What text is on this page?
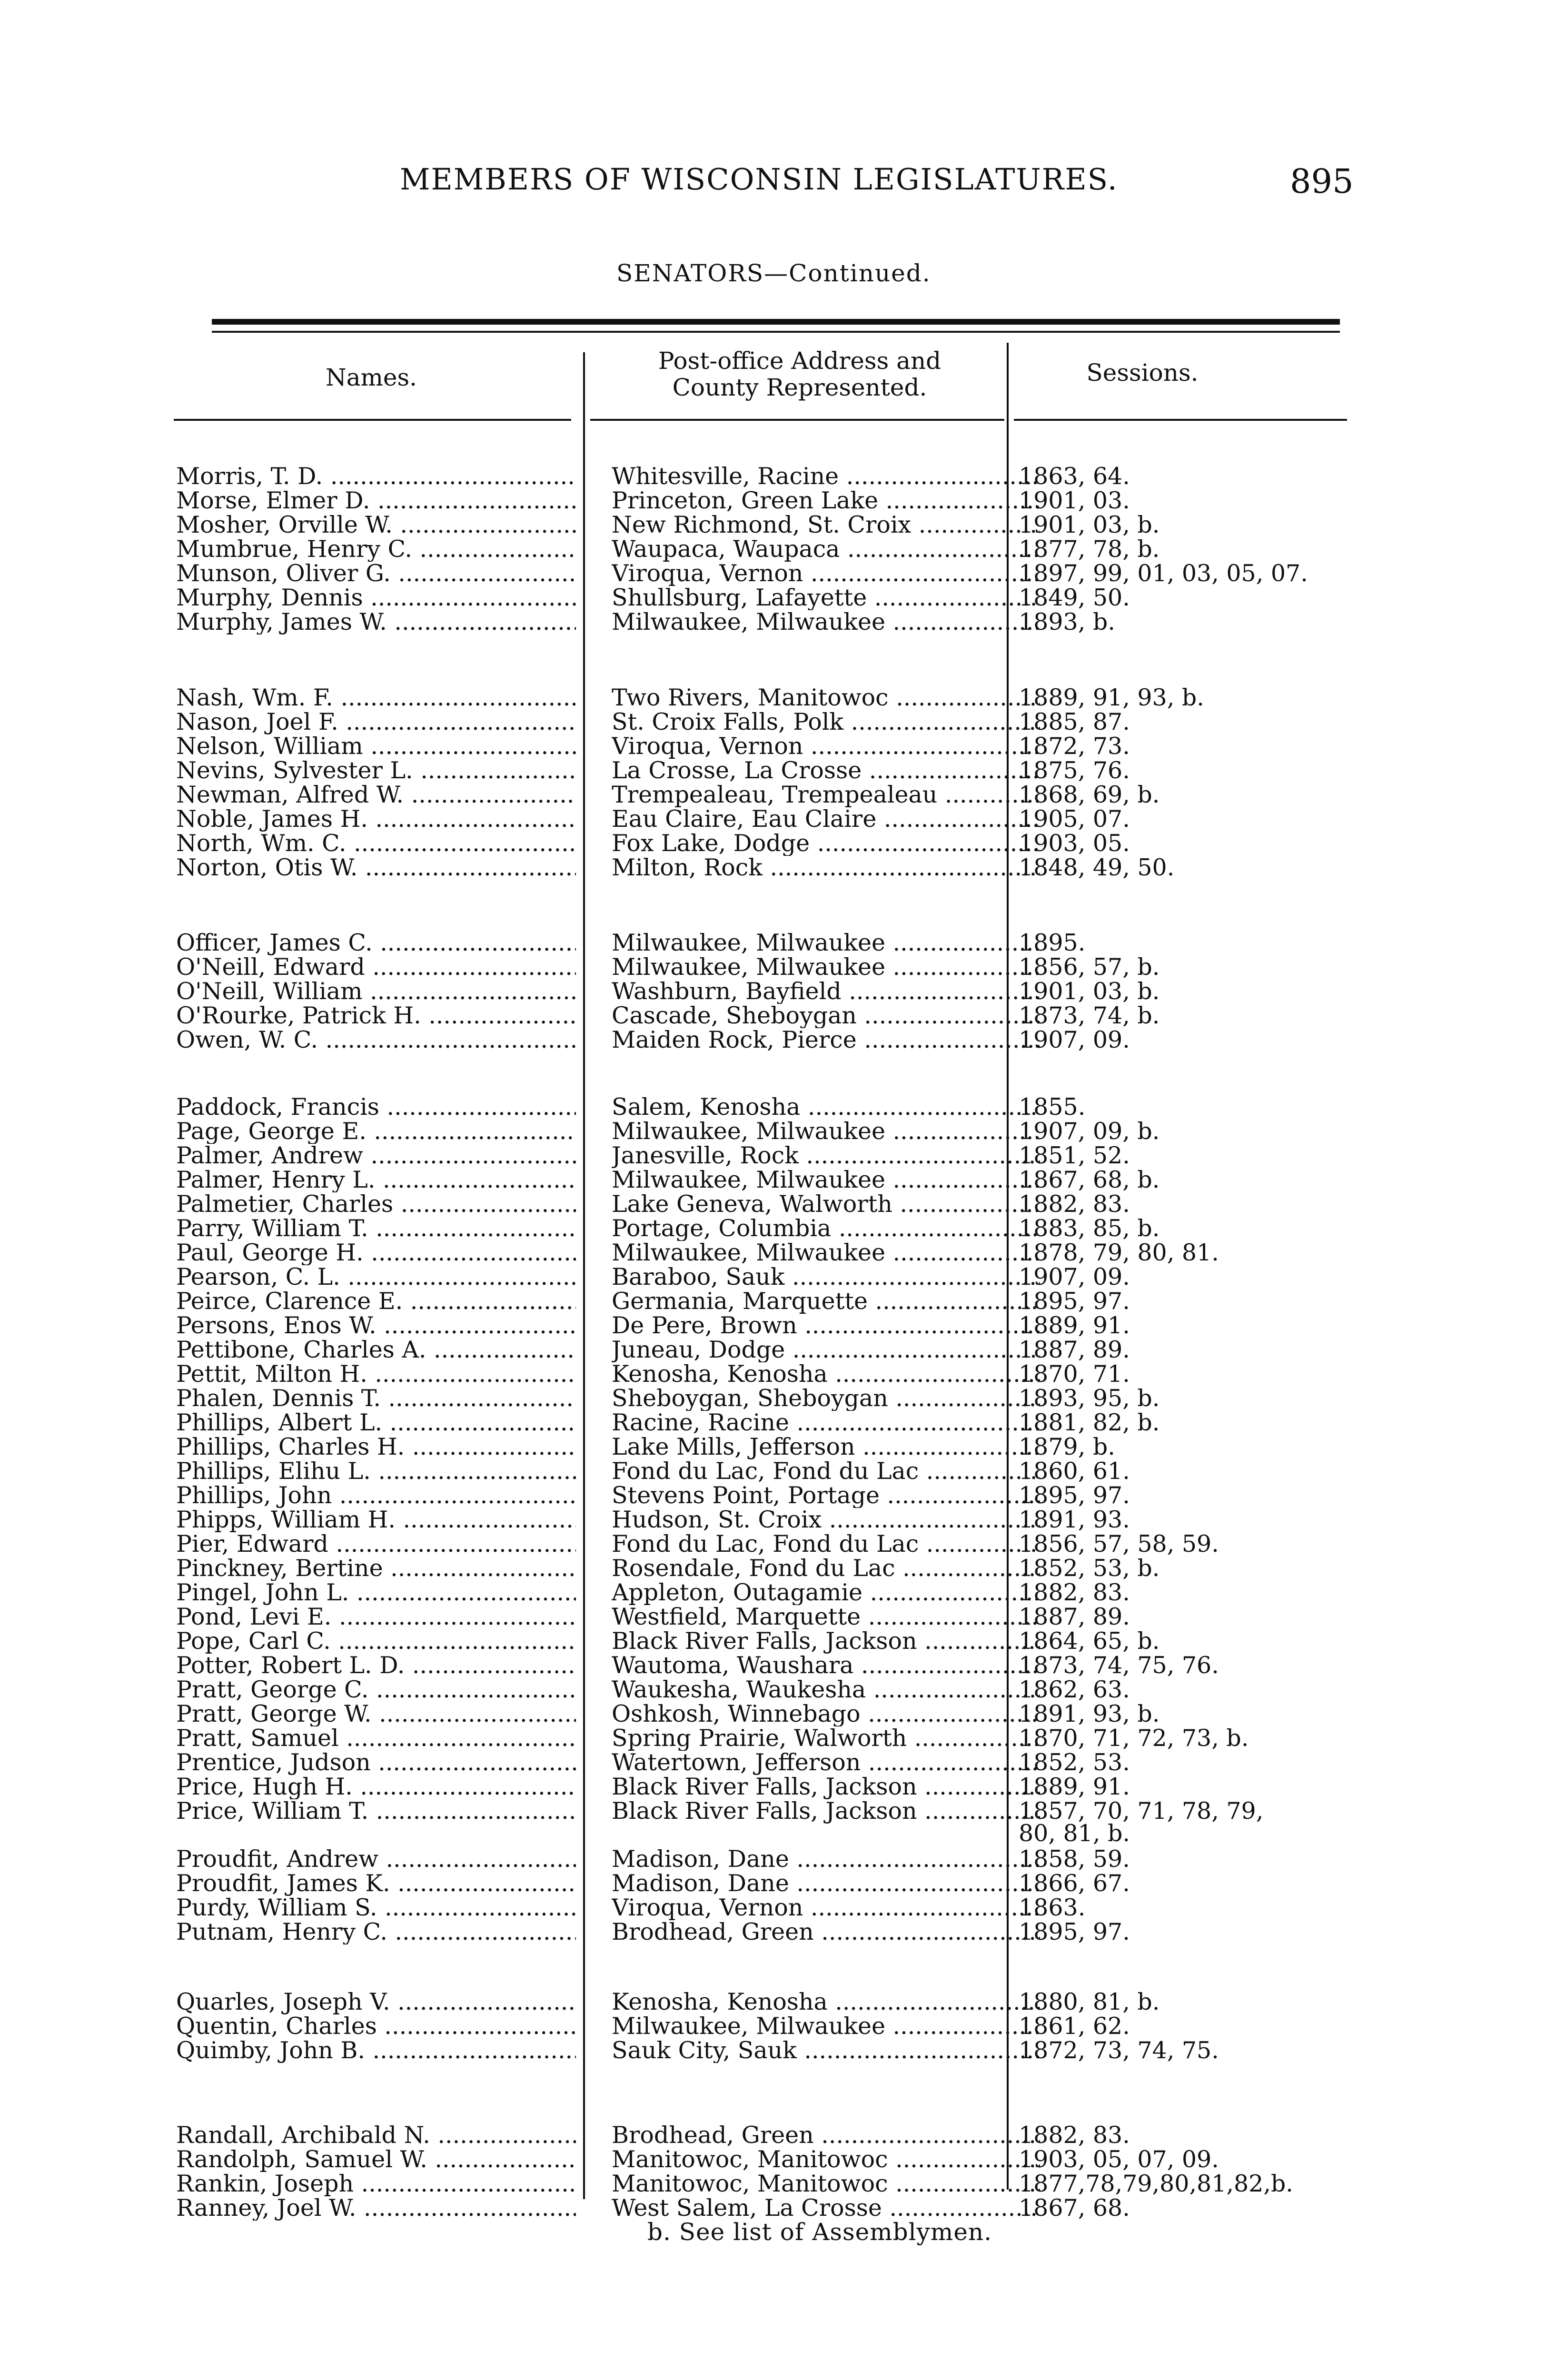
MEMBERS OF WISCONSIN LEGISLATURES.	895
SENATORS—Continued.
Names.
Post-office Address and
County Represented.
Sessions.
Morris, T. D. .....	Whitesville, Racine .....	1863, 64.
Morse, Elmer D. .....	Princeton, Green Lake .....	1901, 03.
Mosher, Orville W. .....	New Richmond, St. Croix .....	1901, 03, b.
Mumbrue, Henry C. .....	Waupaca, Waupaca .....	1877, 78, b.
Munson, Oliver G. .....	Viroqua, Vernon .....	1897, 99, 01, 03, 05, 07.
Murphy, Dennis .....	Shullsburg, Lafayette .....	1849, 50.
Murphy, James W. .....	Milwaukee, Milwaukee .....	1893, b.
Nash, Wm. F. .....	Two Rivers, Manitowoc .....	1889, 91, 93, b.
Nason, Joel F. .....	St. Croix Falls, Polk .....	1885, 87.
Nelson, William .....	Viroqua, Vernon .....	1872, 73.
Nevins, Sylvester L. .....	La Crosse, La Crosse .....	1875, 76.
Newman, Alfred W. .....	Trempealeau, Trempealeau .....	1868, 69, b.
Noble, James H. .....	Eau Claire, Eau Claire .....	1905, 07.
North, Wm. C. .....	Fox Lake, Dodge .....	1903, 05.
Norton, Otis W. .....	Milton, Rock .....	1848, 49, 50.
Officer, James C. .....	Milwaukee, Milwaukee .....	1895.
O'Neill, Edward .....	Milwaukee, Milwaukee .....	1856, 57, b.
O'Neill, William .....	Washburn, Bayfield .....	1901, 03, b.
O'Rourke, Patrick H. .....	Cascade, Sheboygan .....	1873, 74, b.
Owen, W. C. .....	Maiden Rock, Pierce .....	1907, 09.
Paddock, Francis .....	Salem, Kenosha .....	1855.
Page, George E. .....	Milwaukee, Milwaukee .....	1907, 09, b.
Palmer, Andrew .....	Janesville, Rock .....	1851, 52.
Palmer, Henry L. .....	Milwaukee, Milwaukee .....	1867, 68, b.
Palmetier, Charles .....	Lake Geneva, Walworth .....	1882, 83.
Parry, William T. .....	Portage, Columbia .....	1883, 85, b.
Paul, George H. .....	Milwaukee, Milwaukee .....	1878, 79, 80, 81.
Pearson, C. L. .....	Baraboo, Sauk .....	1907, 09.
Peirce, Clarence E. .....	Germania, Marquette .....	1895, 97.
Persons, Enos W. .....	De Pere, Brown .....	1889, 91.
Pettibone, Charles A. .....	Juneau, Dodge .....	1887, 89.
Pettit, Milton H. .....	Kenosha, Kenosha .....	1870, 71.
Phalen, Dennis T. .....	Sheboygan, Sheboygan .....	1893, 95, b.
Phillips, Albert L. .....	Racine, Racine .....	1881, 82, b.
Phillips, Charles H. .....	Lake Mills, Jefferson .....	1879, b.
Phillips, Elihu L. .....	Fond du Lac, Fond du Lac .....	1860, 61.
Phillips, John .....	Stevens Point, Portage .....	1895, 97.
Phipps, William H. .....	Hudson, St. Croix .....	1891, 93.
Pier, Edward .....	Fond du Lac, Fond du Lac .....	1856, 57, 58, 59.
Pinckney, Bertine .....	Rosendale, Fond du Lac .....	1852, 53, b.
Pingel, John L. .....	Appleton, Outagamie .....	1882, 83.
Pond, Levi E. .....	Westfield, Marquette .....	1887, 89.
Pope, Carl C. .....	Black River Falls, Jackson .....	1864, 65, b.
Potter, Robert L. D. .....	Wautoma, Waushara .....	1873, 74, 75, 76.
Pratt, George C. .....	Waukesha, Waukesha .....	1862, 63.
Pratt, George W. .....	Oshkosh, Winnebago .....	1891, 93, b.
Pratt, Samuel .....	Spring Prairie, Walworth .....	1870, 71, 72, 73, b.
Prentice, Judson .....	Watertown, Jefferson .....	1852, 53.
Price, Hugh H. .....	Black River Falls, Jackson .....	1889, 91.
Price, William T. .....	Black River Falls, Jackson .....	1857, 70, 71, 78, 79,
80, 81, b.
Proudfit, Andrew .....	Madison, Dane .....	1858, 59.
Proudfit, James K. .....	Madison, Dane .....	1866, 67.
Purdy, William S. .....	Viroqua, Vernon .....	1863.
Putnam, Henry C. .....	Brodhead, Green .....	1895, 97.
Quarles, Joseph V. .....	Kenosha, Kenosha .....	1880, 81, b.
Quentin, Charles .....	Milwaukee, Milwaukee .....	1861, 62.
Quimby, John B. .....	Sauk City, Sauk .....	1872, 73, 74, 75.
Randall, Archibald N. .....	Brodhead, Green .....	1882, 83.
Randolph, Samuel W. .....	Manitowoc, Manitowoc .....	1903, 05, 07, 09.
Rankin, Joseph .....	Manitowoc, Manitowoc .....	1877,78,79,80,81,82,b.
Ranney, Joel W. .....	West Salem, La Crosse .....	1867, 68.
b. See list of Assemblymen.
